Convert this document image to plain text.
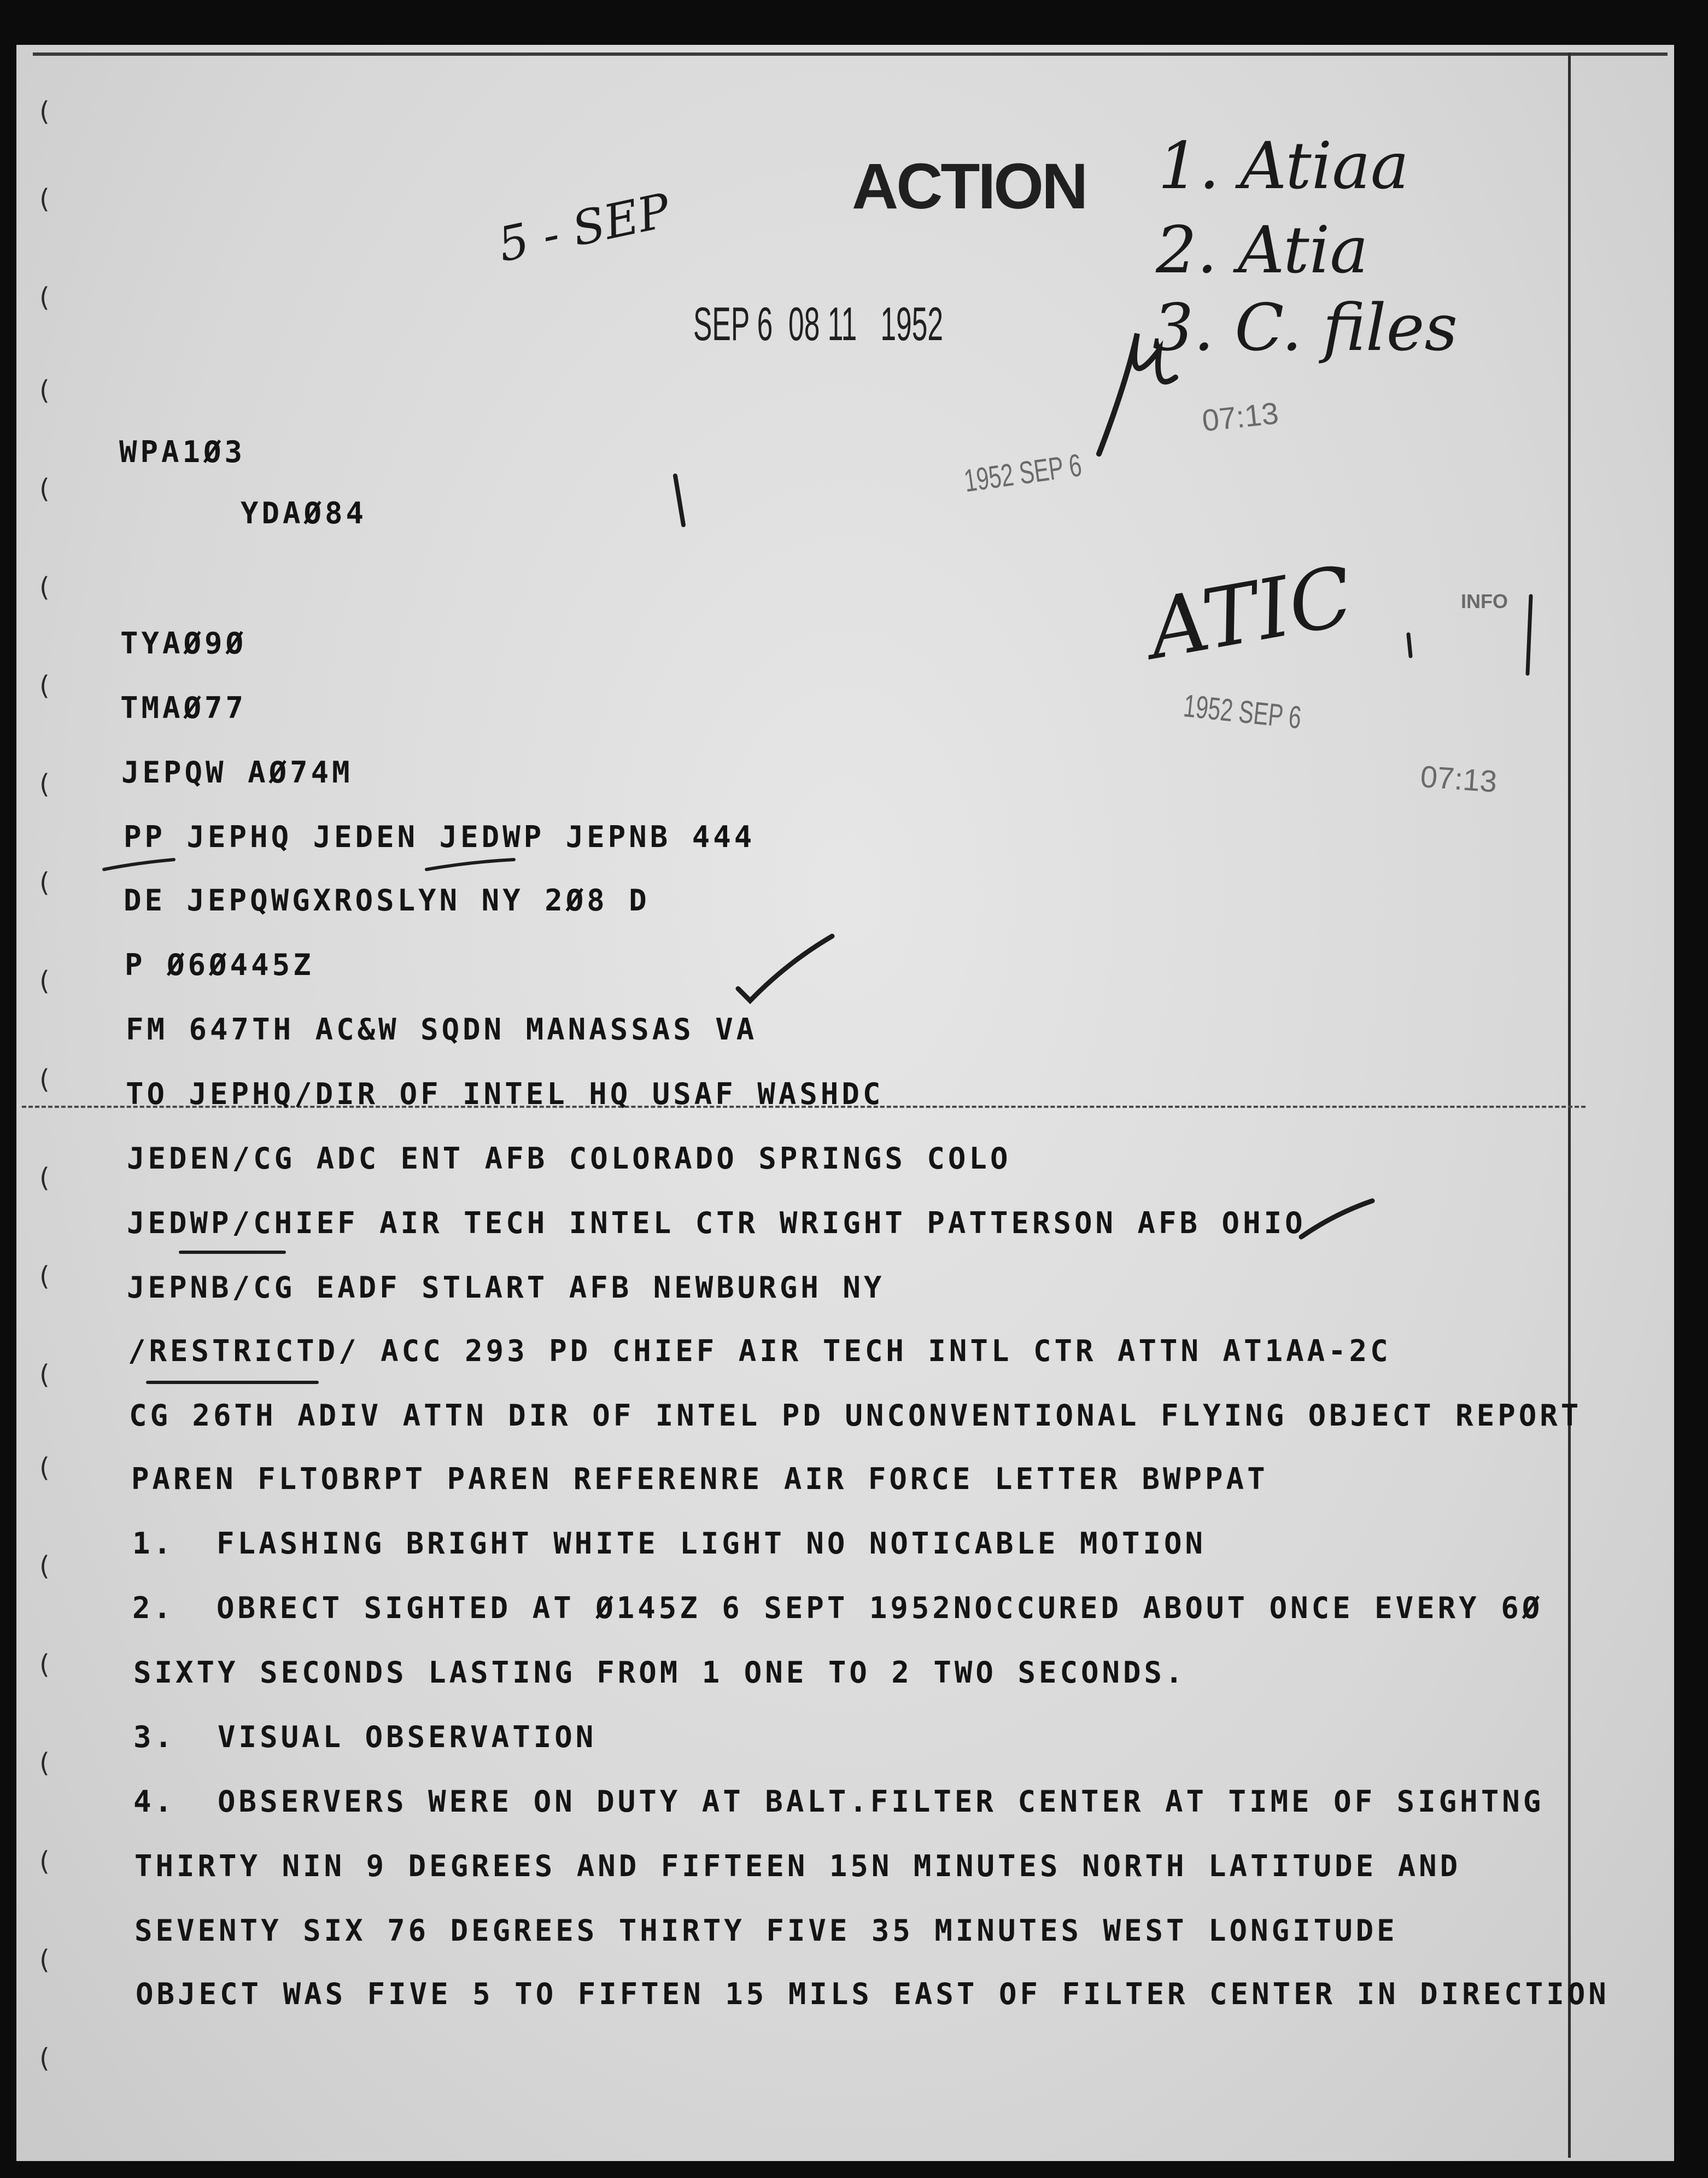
(
(
(
(
(
(
(
(
(
(
(
(
(
(
(
(
(
(
(
(
(
ACTION
SEP 6  08 11   1952
1952 SEP 6
07:13
1952 SEP 6
07:13
INFO
5 - SEP
1. Atiaa
2. Atia
3. C. files
ATIC
WPA1Ø3
YDAØ84
TYAØ9Ø
TMAØ77
JEPQW AØ74M
PP JEPHQ JEDEN JEDWP JEPNB 444
DE JEPQWGXROSLYN NY 2Ø8 D
P Ø6Ø445Z
FM 647TH AC&W SQDN MANASSAS VA
TO JEPHQ/DIR OF INTEL HQ USAF WASHDC
JEDEN/CG ADC ENT AFB COLORADO SPRINGS COLO
JEDWP/CHIEF AIR TECH INTEL CTR WRIGHT PATTERSON AFB OHIO
JEPNB/CG EADF STLART AFB NEWBURGH NY
/RESTRICTD/ ACC 293 PD CHIEF AIR TECH INTL CTR ATTN AT1AA-2C
CG 26TH ADIV ATTN DIR OF INTEL PD UNCONVENTIONAL FLYING OBJECT REPORT
PAREN FLTOBRPT PAREN REFERENRE AIR FORCE LETTER BWPPAT
1.  FLASHING BRIGHT WHITE LIGHT NO NOTICABLE MOTION
2.  OBRECT SIGHTED AT Ø145Z 6 SEPT 1952NOCCURED ABOUT ONCE EVERY 6Ø
SIXTY SECONDS LASTING FROM 1 ONE TO 2 TWO SECONDS.
3.  VISUAL OBSERVATION
4.  OBSERVERS WERE ON DUTY AT BALT.FILTER CENTER AT TIME OF SIGHTNG
THIRTY NIN 9 DEGREES AND FIFTEEN 15N MINUTES NORTH LATITUDE AND
SEVENTY SIX 76 DEGREES THIRTY FIVE 35 MINUTES WEST LONGITUDE
OBJECT WAS FIVE 5 TO FIFTEN 15 MILS EAST OF FILTER CENTER IN DIRECTION
